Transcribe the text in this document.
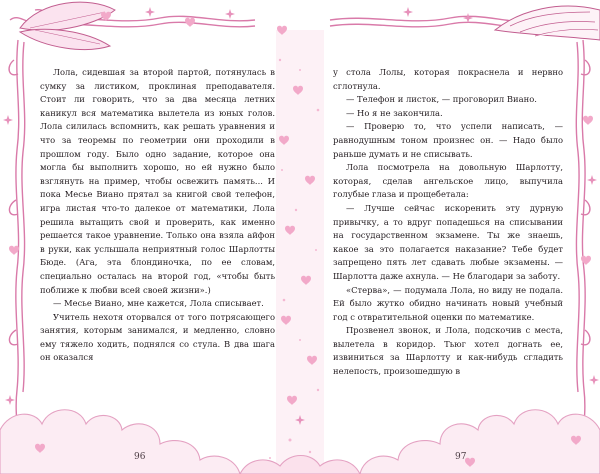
Лола, сидевшая за второй партой, потянулась в сумку за листиком, проклиная преподавателя. Стоит ли говорить, что за два месяца летних каникул вся математика вылетела из юных голов. Лола силилась вспомнить, как решать уравнения и что за теоремы по геометрии они проходили в прошлом году. Было одно задание, которое она могла бы выполнить хорошо, но ей нужно было взглянуть на пример, чтобы освежить память... И пока Месье Виано прятал за книгой свой телефон, игра листая что-то далекое от математики, Лола решила вытащить свой и проверить, как именно решается такое уравнение. Только она взяла айфон в руки, как услышала неприятный голос Шарлотты Бюде. (Ага, эта блондиночка, по ее словам, специально осталась на второй год, «чтобы быть поближе к любви всей своей жизни».)

— Месье Виано, мне кажется, Лола списывает.

Учитель нехотя оторвался от того потрясающего занятия, которым занимался, и медленно, словно ему тяжело ходить, поднялся со стула. В два шага он оказался

96

у стола Лолы, которая покраснела и нервно сглотнула.

— Телефон и листок, — проговорил Виано.

— Но я не закончила.

— Проверю то, что успели написать, — равнодушным тоном произнес он. — Надо было раньше думать и не списывать.

Лола посмотрела на довольную Шарлотту, которая, сделав ангельское лицо, выпучила голубые глаза и прощебетала:

— Лучше сейчас искоренить эту дурную привычку, а то вдруг попадешься на списывании на государственном экзамене. Ты же знаешь, какое за это полагается наказание? Тебе будет запрещено пять лет сдавать любые экзамены. — Шарлотта даже ахнула. — Не благодари за заботу.

«Стерва», — подумала Лола, но виду не подала. Ей было жутко обидно начинать новый учебный год с отвратительной оценки по математике.

Прозвенел звонок, и Лола, подскочив с места, вылетела в коридор. Тьюг хотел догнать ее, извиниться за Шарлотту и как-нибудь сгладить нелепость, произошедшую в

97
